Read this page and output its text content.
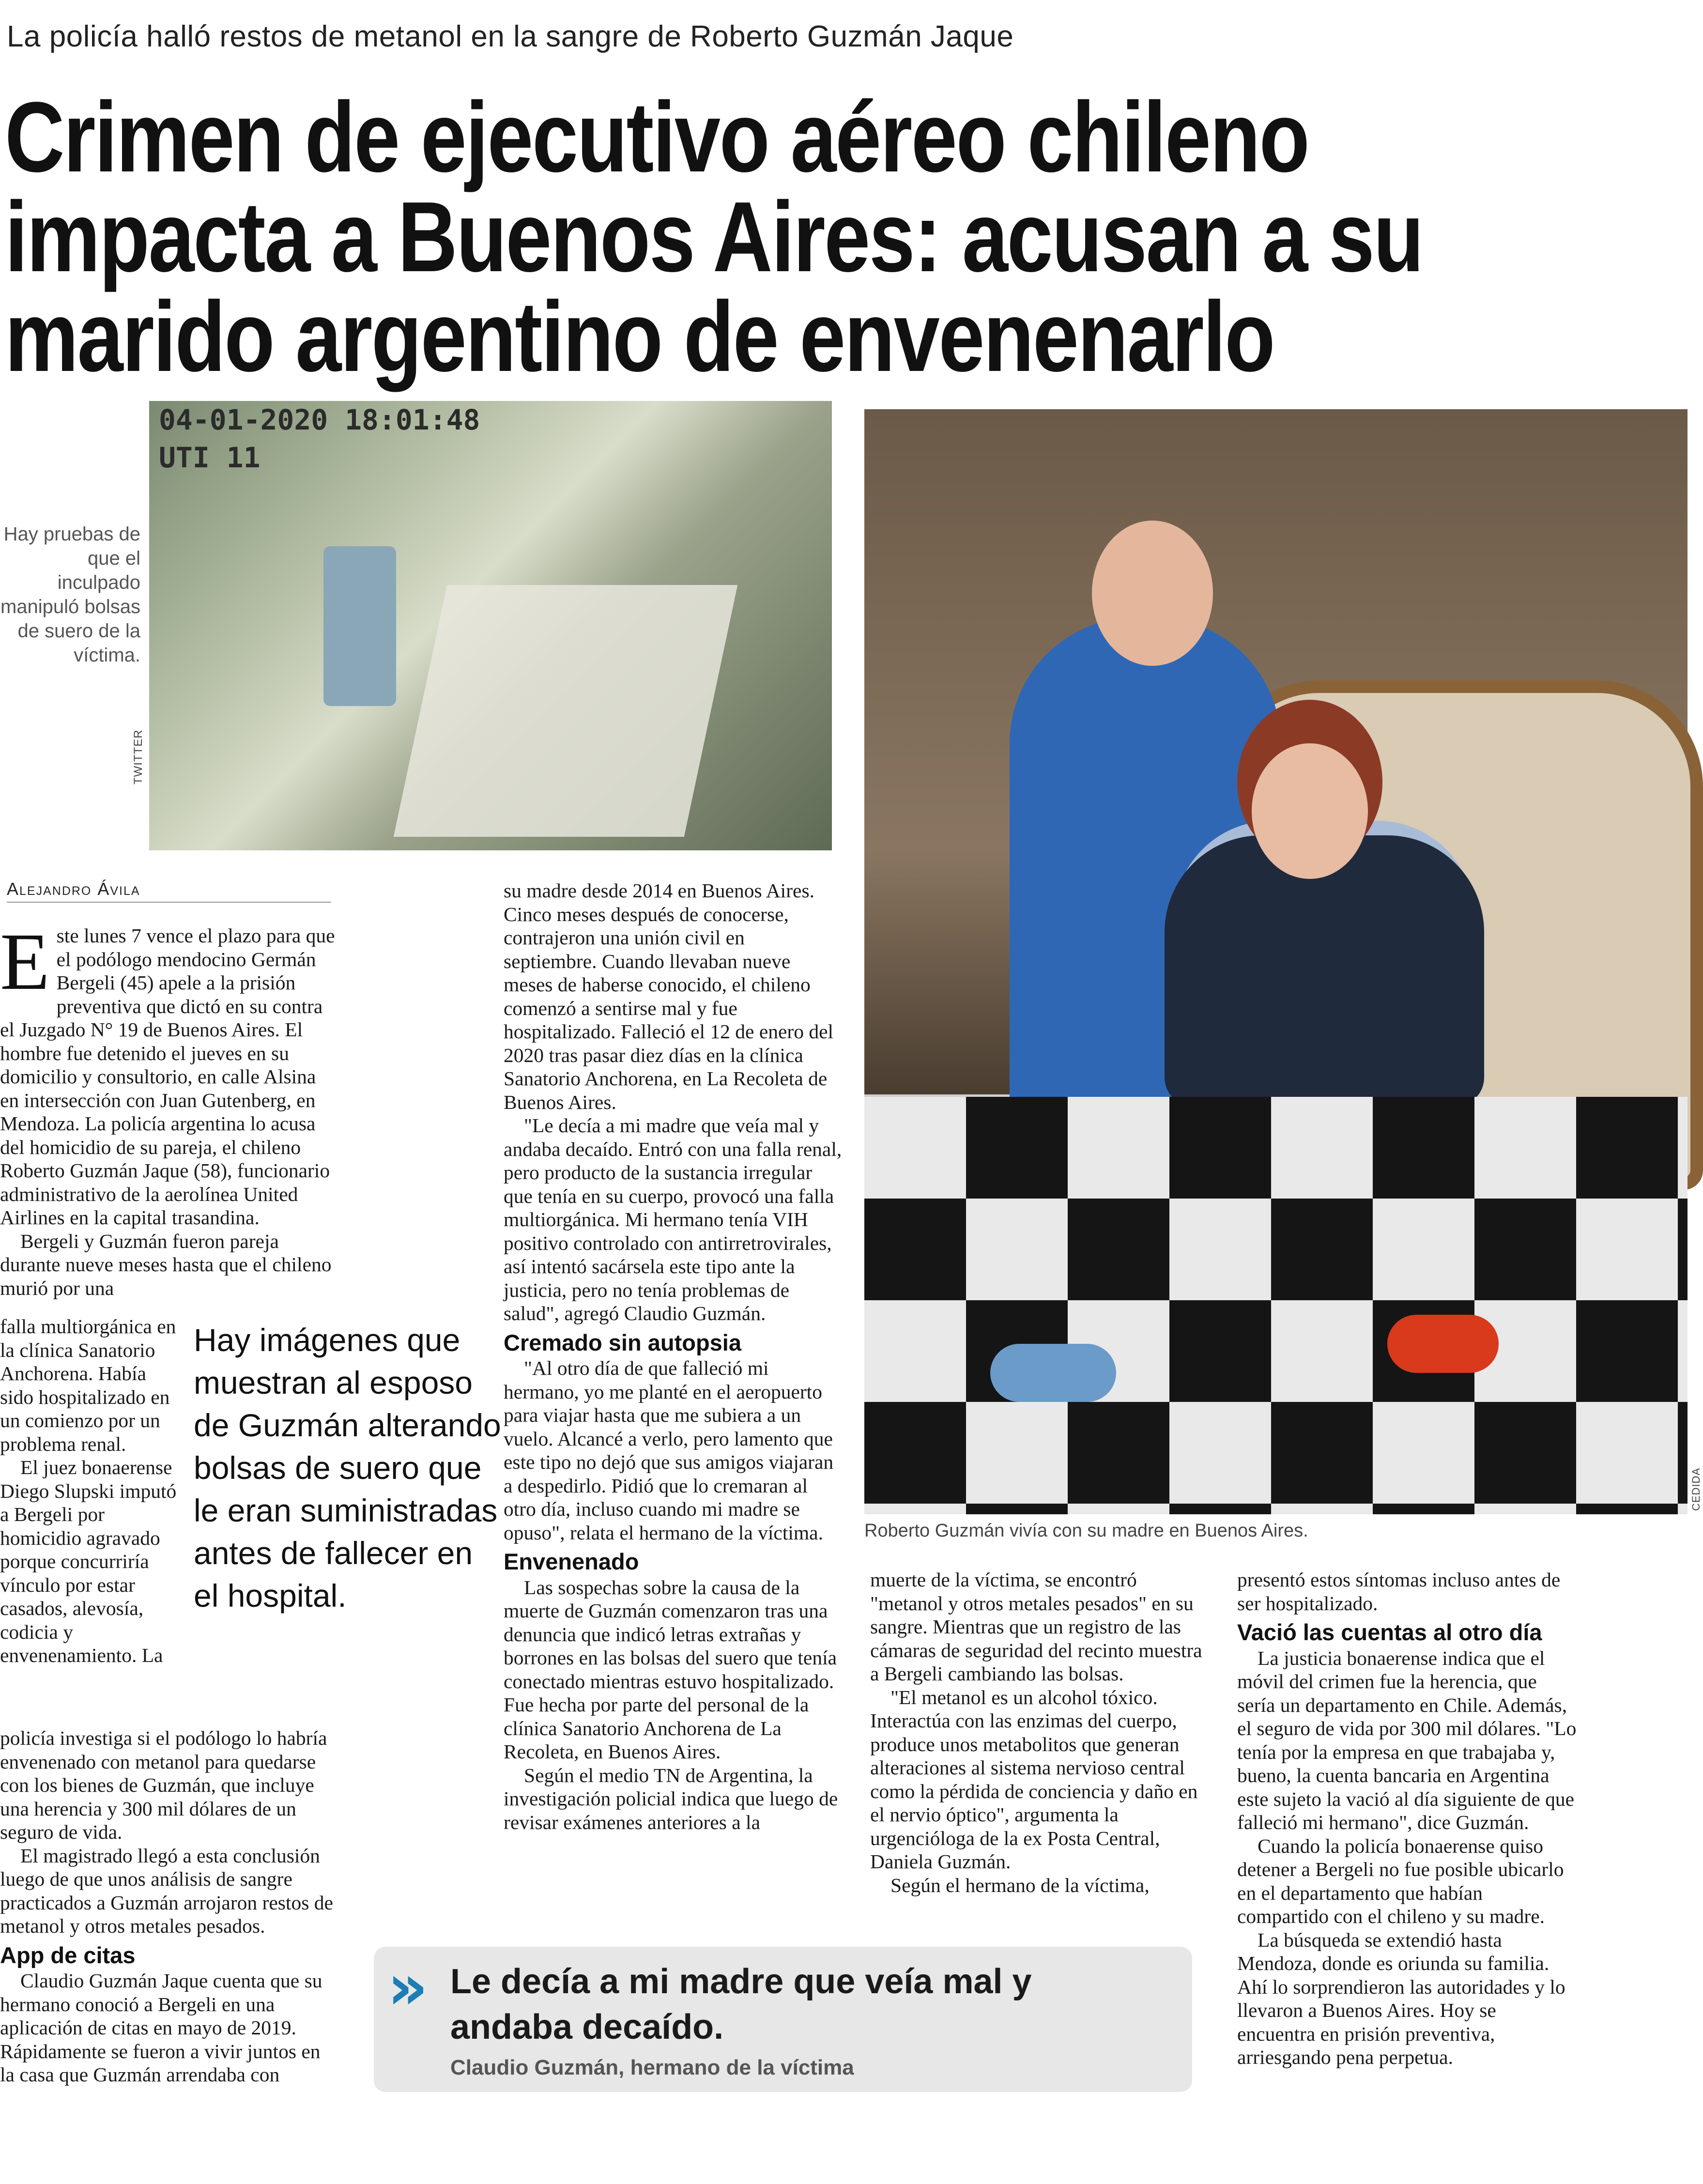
La policía halló restos de metanol en la sangre de Roberto Guzmán Jaque
Crimen de ejecutivo aéreo chileno
impacta a Buenos Aires: acusan a su
marido argentino de envenenarlo
Hay pruebas de que el inculpado manipuló bolsas de suero de la víctima.
04-01-2020 18:01:48
UTI 11
TWITTER
CEDIDA
Roberto Guzmán vivía con su madre en Buenos Aires.
Alejandro Ávila
E ste lunes 7 vence el plazo para que el podólogo mendocino Germán Bergeli (45) apele a la prisión preventiva que dictó en su contra el Juzgado N° 19 de Buenos Aires. El hombre fue detenido el jueves en su domicilio y consultorio, en calle Alsina en intersección con Juan Gutenberg, en Mendoza. La policía argentina lo acusa del homicidio de su pareja, el chileno Roberto Guzmán Jaque (58), funcionario administrativo de la aerolínea United Airlines en la capital trasandina.

Bergeli y Guzmán fueron pareja durante nueve meses hasta que el chileno murió por una

falla multiorgánica en la clínica Sanatorio Anchorena. Había sido hospitalizado en un comienzo por un problema renal.

El juez bonaerense Diego Slupski imputó a Bergeli por homicidio agravado porque concurriría vínculo por estar casados, alevosía, codicia y envenenamiento. La

Hay imágenes que muestran al esposo de Guzmán alterando bolsas de suero que le eran suministradas antes de fallecer en el hospital.

policía investiga si el podólogo lo habría envenenado con metanol para quedarse con los bienes de Guzmán, que incluye una herencia y 300 mil dólares de un seguro de vida.

El magistrado llegó a esta conclusión luego de que unos análisis de sangre practicados a Guzmán arrojaron restos de metanol y otros metales pesados.

App de citas

Claudio Guzmán Jaque cuenta que su hermano conoció a Bergeli en una aplicación de citas en mayo de 2019. Rápidamente se fueron a vivir juntos en la casa que Guzmán arrendaba con

su madre desde 2014 en Buenos Aires. Cinco meses después de conocerse, contrajeron una unión civil en septiembre. Cuando llevaban nueve meses de haberse conocido, el chileno comenzó a sentirse mal y fue hospitalizado. Falleció el 12 de enero del 2020 tras pasar diez días en la clínica Sanatorio Anchorena, en La Recoleta de Buenos Aires.

"Le decía a mi madre que veía mal y andaba decaído. Entró con una falla renal, pero producto de la sustancia irregular que tenía en su cuerpo, provocó una falla multiorgánica. Mi hermano tenía VIH positivo controlado con antirretrovirales, así intentó sacársela este tipo ante la justicia, pero no tenía problemas de salud", agregó Claudio Guzmán.

Cremado sin autopsia

"Al otro día de que falleció mi hermano, yo me planté en el aeropuerto para viajar hasta que me subiera a un vuelo. Alcancé a verlo, pero lamento que este tipo no dejó que sus amigos viajaran a despedirlo. Pidió que lo cremaran al otro día, incluso cuando mi madre se opuso", relata el hermano de la víctima.

Envenenado

Las sospechas sobre la causa de la muerte de Guzmán comenzaron tras una denuncia que indicó letras extrañas y borrones en las bolsas del suero que tenía conectado mientras estuvo hospitalizado. Fue hecha por parte del personal de la clínica Sanatorio Anchorena de La Recoleta, en Buenos Aires.

Según el medio TN de Argentina, la investigación policial indica que luego de revisar exámenes anteriores a la

muerte de la víctima, se encontró "metanol y otros metales pesados" en su sangre. Mientras que un registro de las cámaras de seguridad del recinto muestra a Bergeli cambiando las bolsas.

"El metanol es un alcohol tóxico. Interactúa con las enzimas del cuerpo, produce unos metabolitos que generan alteraciones al sistema nervioso central como la pérdida de conciencia y daño en el nervio óptico", argumenta la urgencióloga de la ex Posta Central, Daniela Guzmán.

Según el hermano de la víctima,

presentó estos síntomas incluso antes de ser hospitalizado.

Vació las cuentas al otro día

La justicia bonaerense indica que el móvil del crimen fue la herencia, que sería un departamento en Chile. Además, el seguro de vida por 300 mil dólares. "Lo tenía por la empresa en que trabajaba y, bueno, la cuenta bancaria en Argentina este sujeto la vació al día siguiente de que falleció mi hermano", dice Guzmán.

Cuando la policía bonaerense quiso detener a Bergeli no fue posible ubicarlo en el departamento que habían compartido con el chileno y su madre.

La búsqueda se extendió hasta Mendoza, donde es oriunda su familia. Ahí lo sorprendieron las autoridades y lo llevaron a Buenos Aires. Hoy se encuentra en prisión preventiva, arriesgando pena perpetua.

» Le decía a mi madre que veía mal y andaba decaído.
Claudio Guzmán, hermano de la víctima
